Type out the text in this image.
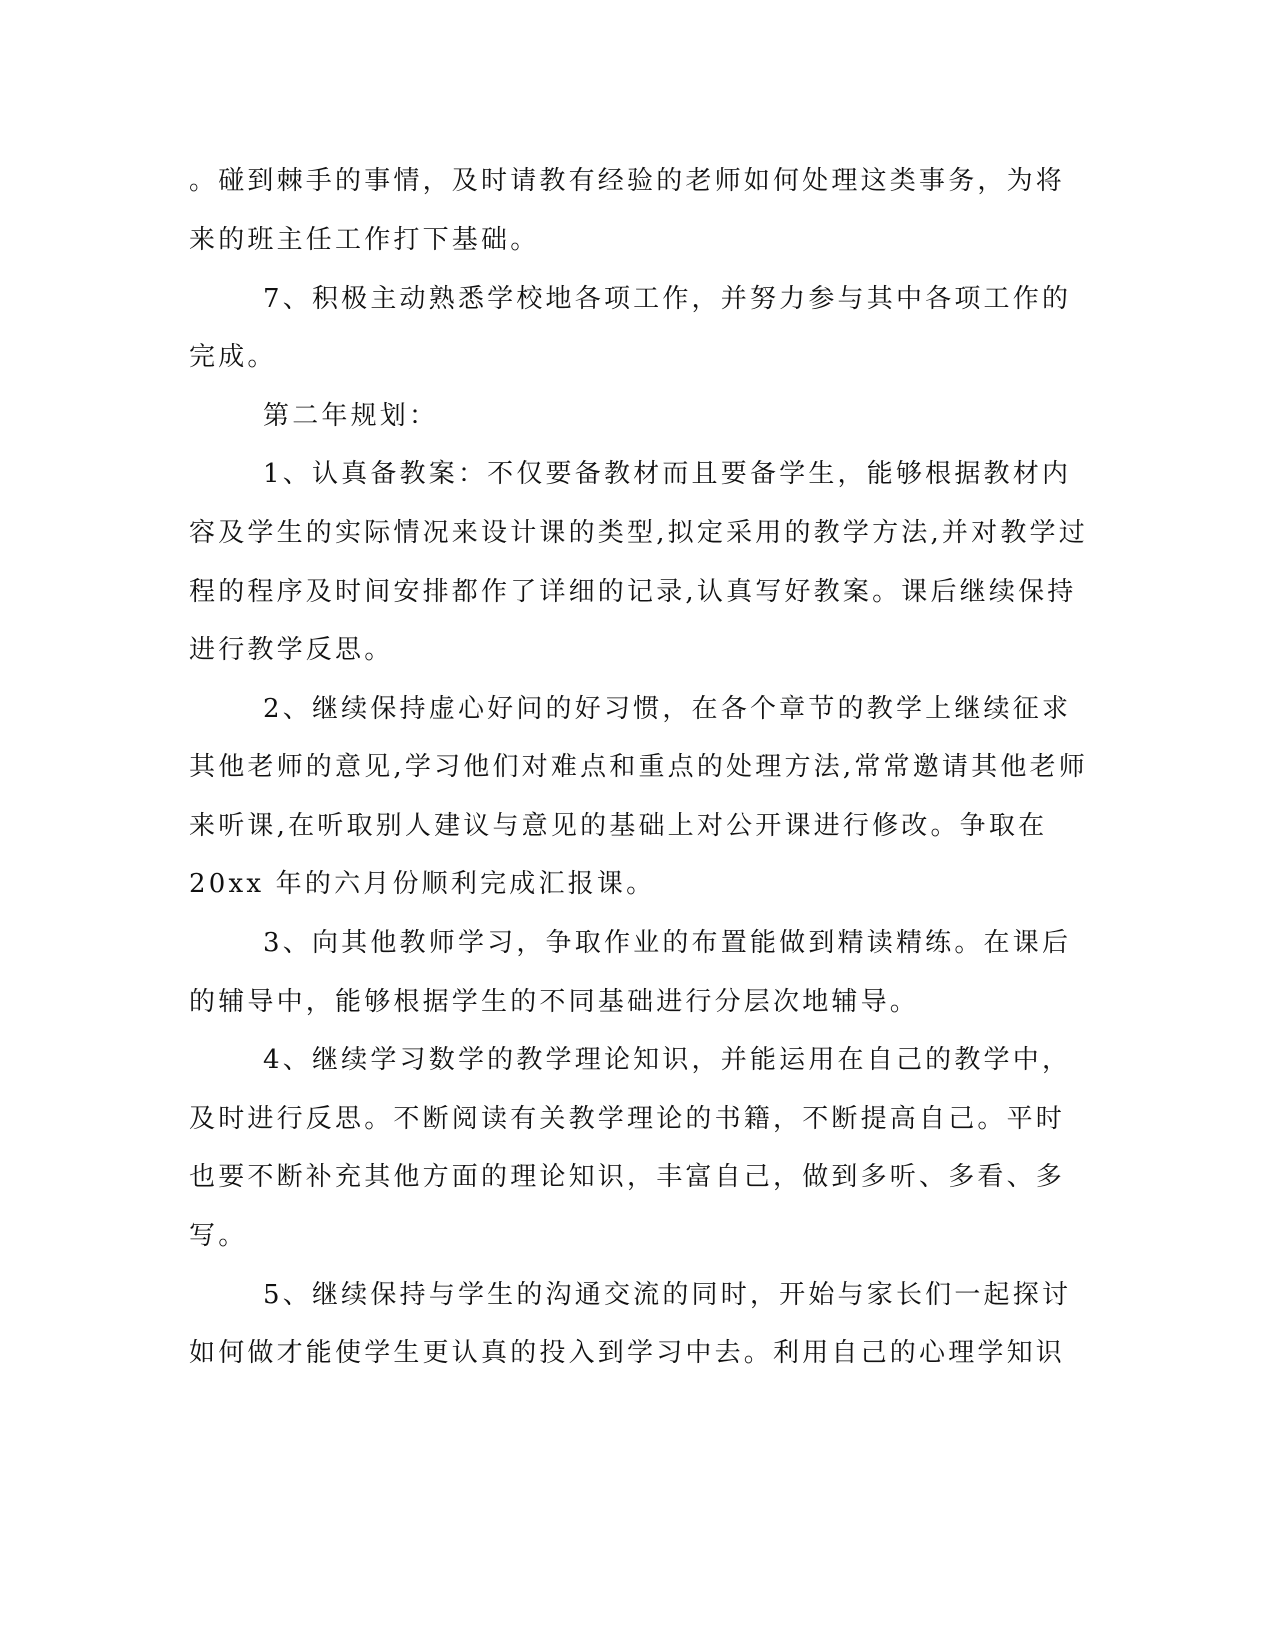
。碰到棘手的事情，及时请教有经验的老师如何处理这类事务，为将
来的班主任工作打下基础。
7、积极主动熟悉学校地各项工作，并努力参与其中各项工作的
完成。
第二年规划：
1、认真备教案：不仅要备教材而且要备学生，能够根据教材内
容及学生的实际情况来设计课的类型,拟定采用的教学方法,并对教学过
程的程序及时间安排都作了详细的记录,认真写好教案。课后继续保持
进行教学反思。
2、继续保持虚心好问的好习惯，在各个章节的教学上继续征求
其他老师的意见,学习他们对难点和重点的处理方法,常常邀请其他老师
来听课,在听取别人建议与意见的基础上对公开课进行修改。争取在
20xx 年的六月份顺利完成汇报课。
3、向其他教师学习，争取作业的布置能做到精读精练。在课后
的辅导中，能够根据学生的不同基础进行分层次地辅导。
4、继续学习数学的教学理论知识，并能运用在自己的教学中，
及时进行反思。不断阅读有关教学理论的书籍，不断提高自己。平时
也要不断补充其他方面的理论知识，丰富自己，做到多听、多看、多
写。
5、继续保持与学生的沟通交流的同时，开始与家长们一起探讨
如何做才能使学生更认真的投入到学习中去。利用自己的心理学知识
